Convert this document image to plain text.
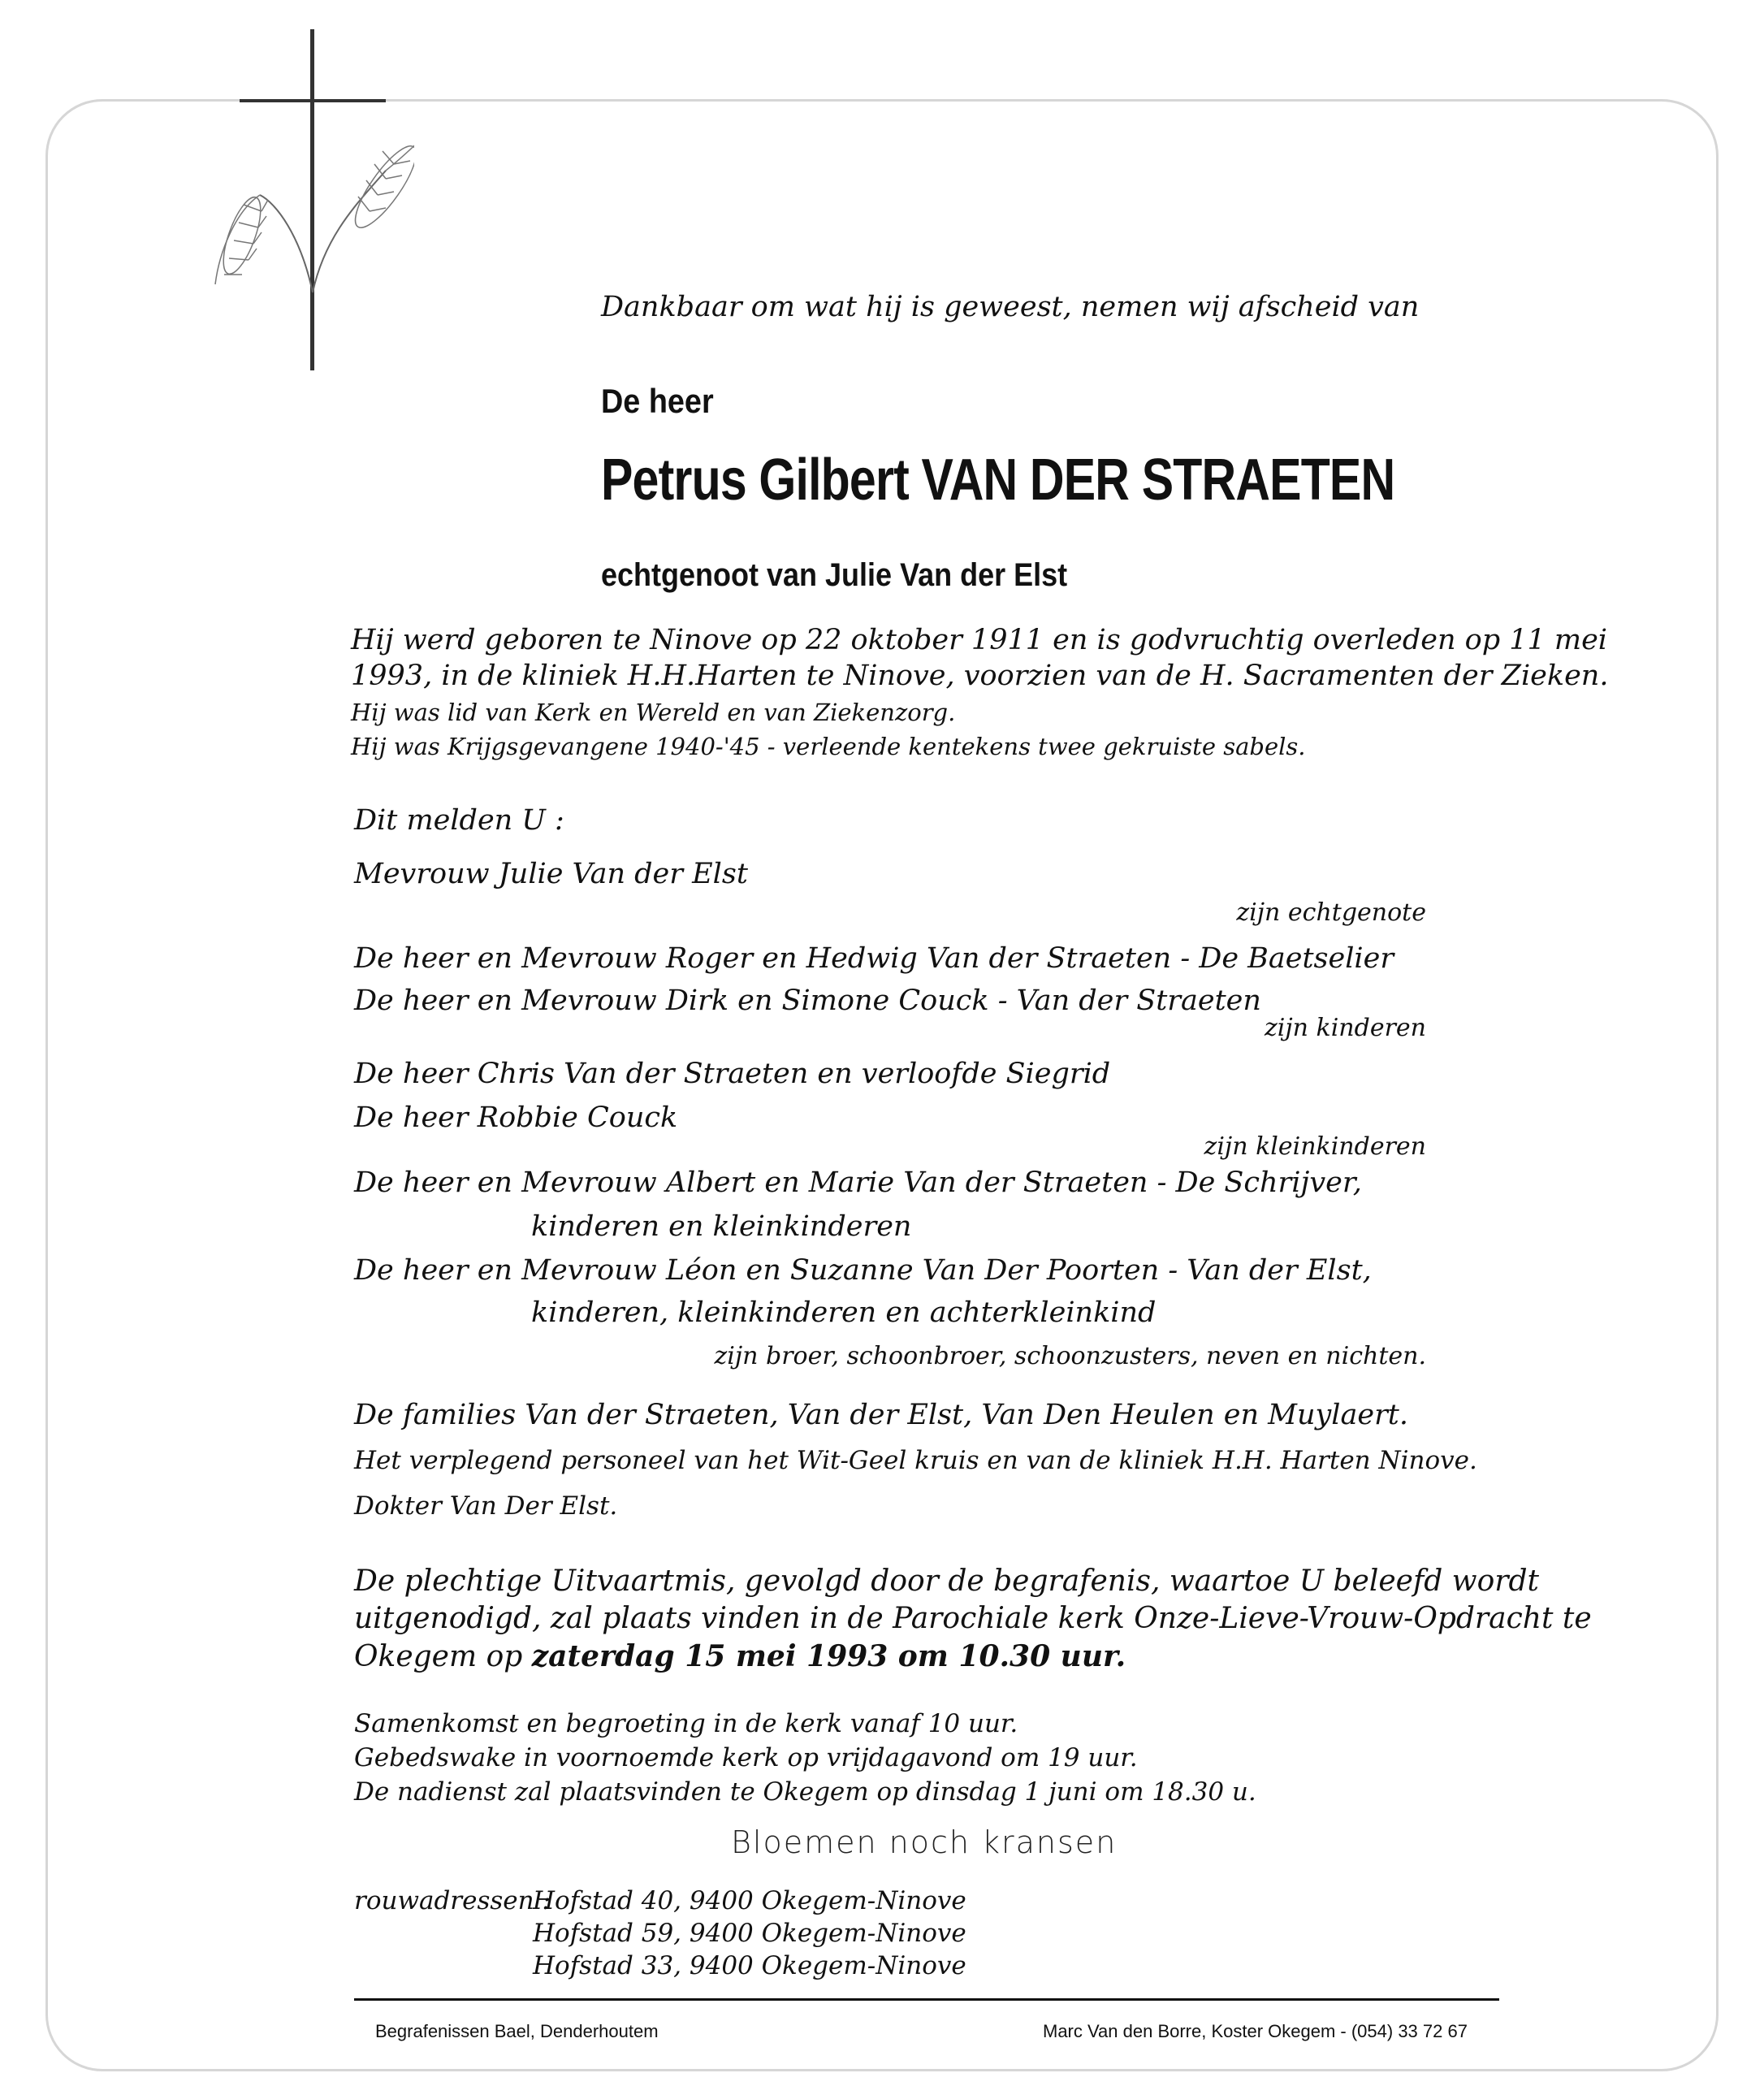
Dankbaar om wat hij is geweest, nemen wij afscheid van
De heer
Petrus Gilbert VAN DER STRAETEN
echtgenoot van Julie Van der Elst
Hij werd geboren te Ninove op 22 oktober 1911 en is godvruchtig overleden op 11 mei
1993, in de kliniek H.H.Harten te Ninove, voorzien van de H. Sacramenten der Zieken.
Hij was lid van Kerk en Wereld en van Ziekenzorg.
Hij was Krijgsgevangene 1940-'45 - verleende kentekens twee gekruiste sabels.
Dit melden U :
Mevrouw Julie Van der Elst
zijn echtgenote
De heer en Mevrouw Roger en Hedwig Van der Straeten - De Baetselier
De heer en Mevrouw Dirk en Simone Couck - Van der Straeten
zijn kinderen
De heer Chris Van der Straeten en verloofde Siegrid
De heer Robbie Couck
zijn kleinkinderen
De heer en Mevrouw Albert en Marie Van der Straeten - De Schrijver,
kinderen en kleinkinderen
De heer en Mevrouw Léon en Suzanne Van Der Poorten - Van der Elst,
kinderen, kleinkinderen en achterkleinkind
zijn broer, schoonbroer, schoonzusters, neven en nichten.
De families Van der Straeten, Van der Elst, Van Den Heulen en Muylaert.
Het verplegend personeel van het Wit-Geel kruis en van de kliniek H.H. Harten Ninove.
Dokter Van Der Elst.
De plechtige Uitvaartmis, gevolgd door de begrafenis, waartoe U beleefd wordt
uitgenodigd, zal plaats vinden in de Parochiale kerk Onze-Lieve-Vrouw-Opdracht te
Okegem op zaterdag 15 mei 1993 om 10.30 uur.
Samenkomst en begroeting in de kerk vanaf 10 uur.
Gebedswake in voornoemde kerk op vrijdagavond om 19 uur.
De nadienst zal plaatsvinden te Okegem op dinsdag 1 juni om 18.30 u.
Bloemen noch kransen
rouwadressen :
Hofstad 40, 9400 Okegem-Ninove
Hofstad 59, 9400 Okegem-Ninove
Hofstad 33, 9400 Okegem-Ninove
Begrafenissen Bael, Denderhoutem	Marc Van den Borre, Koster Okegem - (054) 33 72 67
